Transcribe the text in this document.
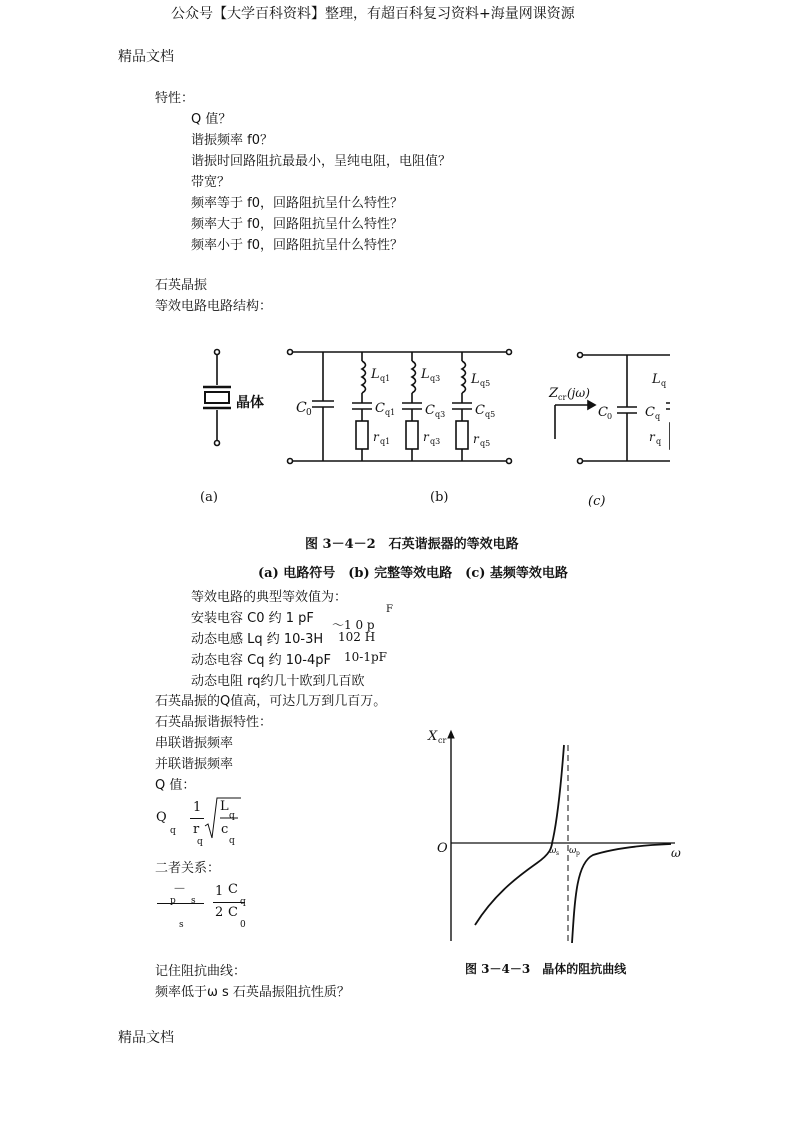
公众号【大学百科资料】整理，有超百科复习资料+海量网课资源
精品文档
特性：
Q 值？
谐振频率 f0？
谐振时回路阻抗最最小，呈纯电阻，电阻值？
带宽？
频率等于 f0，回路阻抗呈什么特性？
频率大于 f0，回路阻抗呈什么特性？
频率小于 f0，回路阻抗呈什么特性？
石英晶振
等效电路电路结构：
晶体 C 0
L q1 L q3 L q5
C q1 C q3 C q5
r q1	r q3	r q5
Z cr (jω)
C 0
L q
C q
r q
(a)	(b)	(c)
图 3－4－2　石英谐振器的等效电路
(a) 电路符号　(b) 完整等效电路　(c) 基频等效电路
等效电路的典型等效值为：
安装电容 C0 约 1 pF ～1 0 p
F
动态电感 Lq 约 10-3H 102 H
动态电容 Cq 约 10-4pF 10-1pF
动态电阻 rq约几十欧到几百欧
石英晶振的Q值高，可达几万到几百万。
石英晶振谐振特性：
串联谐振频率
并联谐振频率
Q 值：
Q
q
1
r
q
L
q
c
q
二者关系：
－
p s
s
1 C
2 C
0
X cr
O	ω
ω s ω p
图 3－4－3　晶体的阻抗曲线
记住阻抗曲线：
频率低于ω s 石英晶振阻抗性质？
精品文档
